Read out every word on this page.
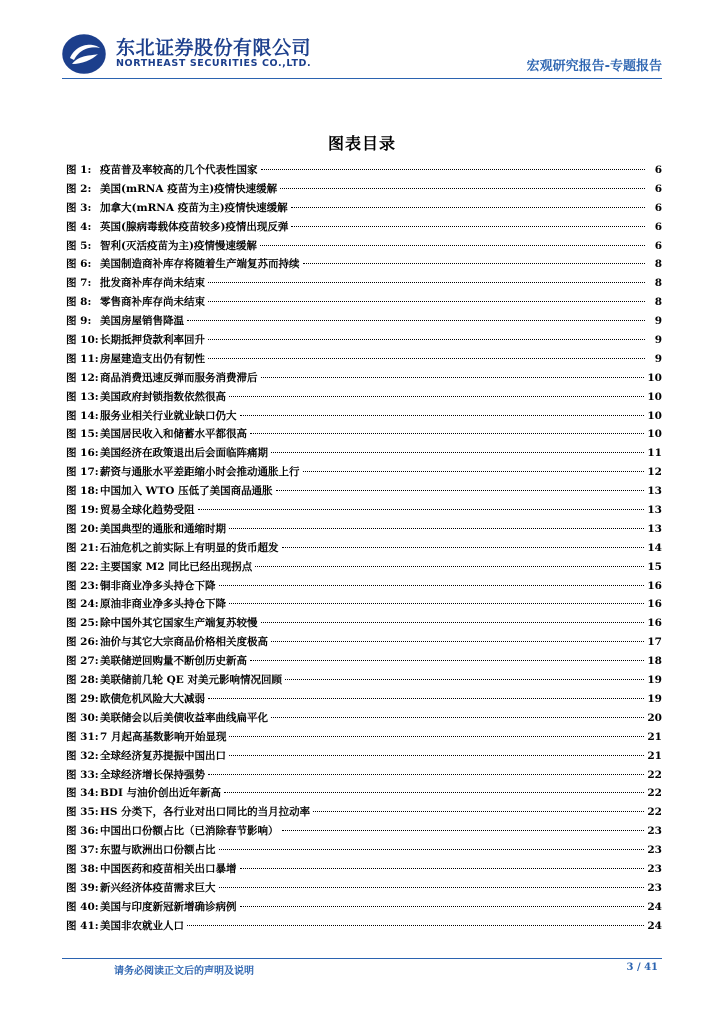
东北证券股份有限公司
NORTHEAST SECURITIES CO.,LTD.	宏观研究报告-专题报告
图表目录
图 1: 疫苗普及率较高的几个代表性国家	6
图 2: 美国(mRNA 疫苗为主)疫情快速缓解	6
图 3: 加拿大(mRNA 疫苗为主)疫情快速缓解	6
图 4: 英国(腺病毒载体疫苗较多)疫情出现反弹	6
图 5: 智利(灭活疫苗为主)疫情慢速缓解	6
图 6: 美国制造商补库存将随着生产端复苏而持续	8
图 7: 批发商补库存尚未结束	8
图 8: 零售商补库存尚未结束	8
图 9: 美国房屋销售降温	9
图 10: 长期抵押贷款利率回升	9
图 11: 房屋建造支出仍有韧性	9
图 12: 商品消费迅速反弹而服务消费滞后	10
图 13: 美国政府封锁指数依然很高	10
图 14: 服务业相关行业就业缺口仍大	10
图 15: 美国居民收入和储蓄水平都很高	10
图 16: 美国经济在政策退出后会面临阵痛期	11
图 17: 薪资与通胀水平差距缩小时会推动通胀上行	12
图 18: 中国加入 WTO 压低了美国商品通胀	13
图 19: 贸易全球化趋势受阻	13
图 20: 美国典型的通胀和通缩时期	13
图 21: 石油危机之前实际上有明显的货币超发	14
图 22: 主要国家 M2 同比已经出现拐点	15
图 23: 铜非商业净多头持仓下降	16
图 24: 原油非商业净多头持仓下降	16
图 25: 除中国外其它国家生产端复苏较慢	16
图 26: 油价与其它大宗商品价格相关度极高	17
图 27: 美联储逆回购量不断创历史新高	18
图 28: 美联储前几轮 QE 对美元影响情况回顾	19
图 29: 欧债危机风险大大减弱	19
图 30: 美联储会以后美债收益率曲线扁平化	20
图 31: 7 月起高基数影响开始显现	21
图 32: 全球经济复苏提振中国出口	21
图 33: 全球经济增长保持强势	22
图 34: BDI 与油价创出近年新高	22
图 35: HS 分类下，各行业对出口同比的当月拉动率	22
图 36: 中国出口份额占比（已消除春节影响）	23
图 37: 东盟与欧洲出口份额占比	23
图 38: 中国医药和疫苗相关出口暴增	23
图 39: 新兴经济体疫苗需求巨大	23
图 40: 美国与印度新冠新增确诊病例	24
图 41: 美国非农就业人口	24
请务必阅读正文后的声明及说明	3 / 41
